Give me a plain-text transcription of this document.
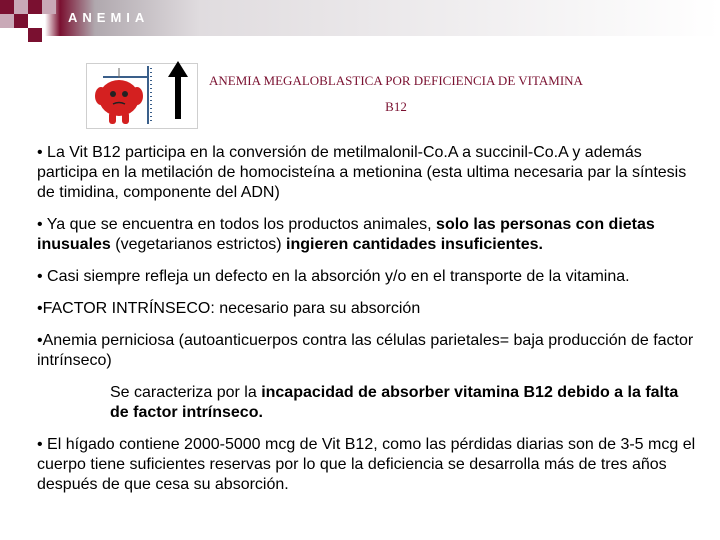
ANEMIA
ANEMIA MEGALOBLASTICA POR DEFICIENCIA DE VITAMINA
B12

• La Vit B12 participa en la conversión de metilmalonil-Co.A a succinil-Co.A y además participa en la metilación de homocisteína a metionina (esta ultima necesaria par la síntesis de timidina, componente del ADN)

• Ya que se encuentra en todos los productos animales, solo las personas con dietas inusuales (vegetarianos estrictos) ingieren cantidades insuficientes.

• Casi siempre refleja un defecto en la absorción y/o en el transporte de la vitamina.

•FACTOR INTRÍNSECO: necesario para su absorción

•Anemia perniciosa (autoanticuerpos contra las células parietales= baja producción de factor intrínseco)

Se caracteriza por la incapacidad de absorber vitamina B12 debido a la falta de factor intrínseco.

• El hígado contiene 2000-5000 mcg de Vit B12, como las pérdidas diarias son de 3-5 mcg el cuerpo tiene suficientes reservas por lo que la deficiencia se desarrolla más de tres años después de que cesa su absorción.
